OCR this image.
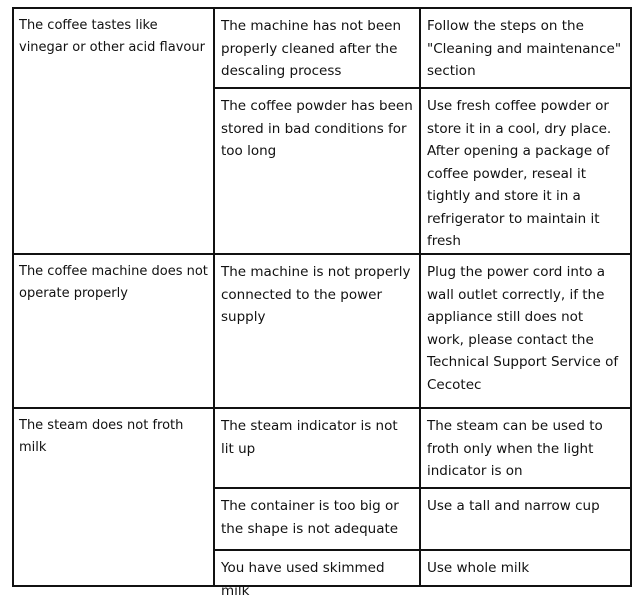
The coffee tastes like vinegar or other acid flavour
The machine has not been properly cleaned after the descaling process
Follow the steps on the "Cleaning and maintenance" section
The coffee powder has been stored in bad conditions for too long
Use fresh coffee powder or store it in a cool, dry place. After opening a package of coffee powder, reseal it tightly and store it in a refrigerator to maintain it fresh
The coffee machine does not operate properly
The machine is not properly connected to the power supply
Plug the power cord into a wall outlet correctly, if the appliance still does not work, please contact the Technical Support Service of Cecotec
The steam does not froth milk
The steam indicator is not lit up
The steam can be used to froth only when the light indicator is on
The container is too big or the shape is not adequate
Use a tall and narrow cup
You have used skimmed milk
Use whole milk
